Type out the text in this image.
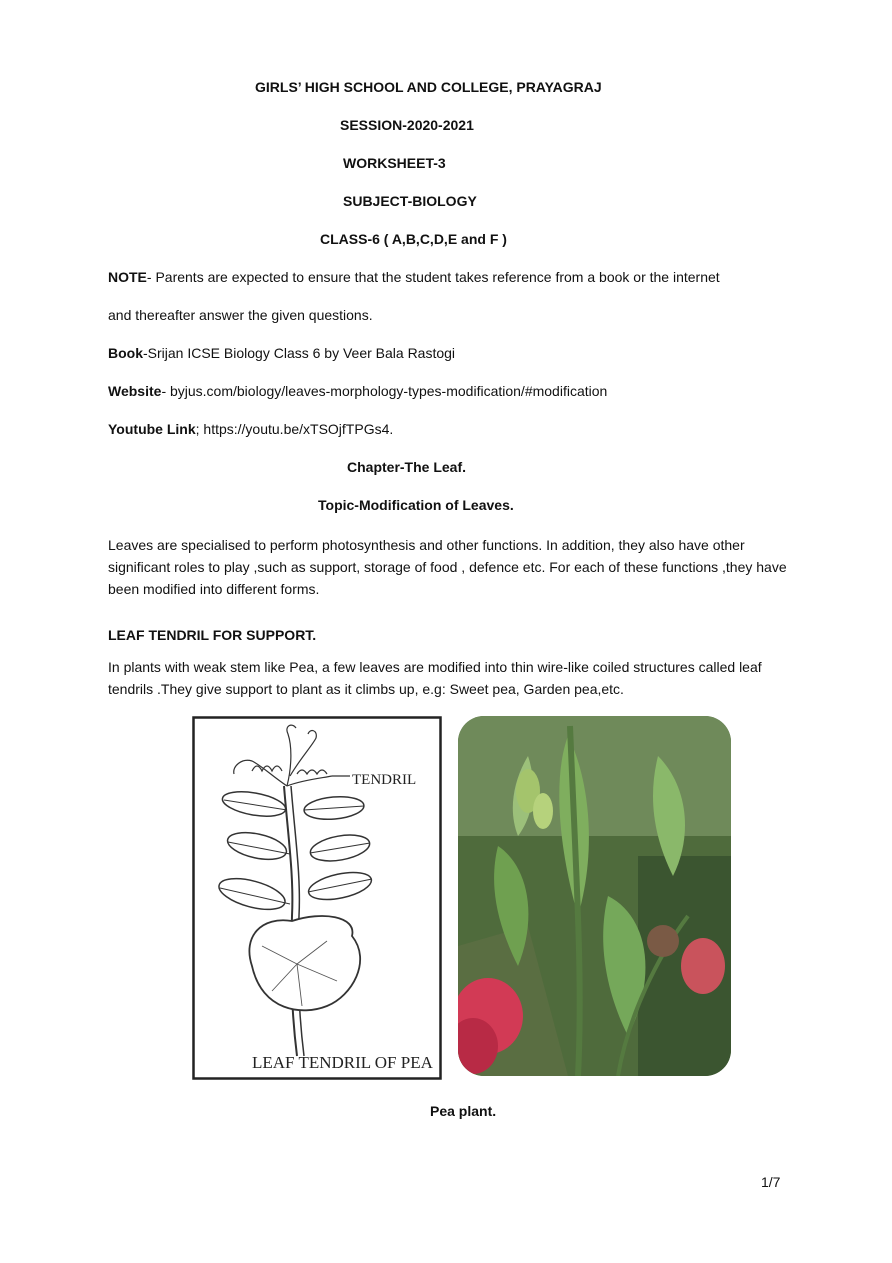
GIRLS’ HIGH SCHOOL AND COLLEGE, PRAYAGRAJ
SESSION-2020-2021
WORKSHEET-3
SUBJECT-BIOLOGY
CLASS-6 ( A,B,C,D,E and F )
NOTE- Parents are expected to ensure that the student takes reference from a book or the internet
and thereafter answer the given questions.
Book-Srijan ICSE Biology Class 6 by Veer Bala Rastogi
Website- byjus.com/biology/leaves-morphology-types-modification/#modification
Youtube Link; https://youtu.be/xTSOjfTPGs4.
Chapter-The Leaf.
Topic-Modification of Leaves.
Leaves are specialised to perform photosynthesis and other functions. In addition, they also have other significant roles to play ,such as support, storage of food , defence etc. For each of these functions ,they have been modified into different forms.
LEAF TENDRIL FOR SUPPORT.
In plants with weak stem like Pea, a few leaves are modified into thin wire-like coiled structures called leaf tendrils .They give support to plant as it climbs up, e.g: Sweet pea, Garden pea,etc.
TENDRIL
LEAF TENDRIL OF PEA
Pea plant.
1/7
